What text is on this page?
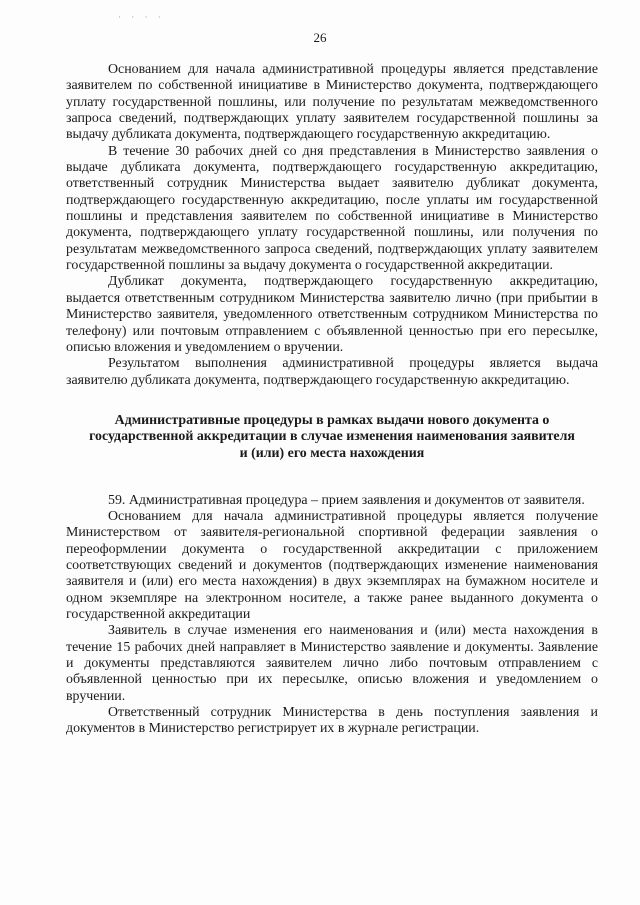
· · · ·
26

Основанием для начала административной процедуры является представление заявителем по собственной инициативе в Министерство документа, подтверждающего уплату государственной пошлины, или получение по результатам межведомственного запроса сведений, подтверждающих уплату заявителем государственной пошлины за выдачу дубликата документа, подтверждающего государственную аккредитацию.

В течение 30 рабочих дней со дня представления в Министерство заявления о выдаче дубликата документа, подтверждающего государственную аккредитацию, ответственный сотрудник Министерства выдает заявителю дубликат документа, подтверждающего государственную аккредитацию, после уплаты им государственной пошлины и представления заявителем по собственной инициативе в Министерство документа, подтверждающего уплату государственной пошлины, или получения по результатам межведомственного запроса сведений, подтверждающих уплату заявителем государственной пошлины за выдачу документа о государственной аккредитации.

Дубликат документа, подтверждающего государственную аккредитацию, выдается ответственным сотрудником Министерства заявителю лично (при прибытии в Министерство заявителя, уведомленного ответственным сотрудником Министерства по телефону) или почтовым отправлением с объявленной ценностью при его пересылке, описью вложения и уведомлением о вручении.

Результатом выполнения административной процедуры является выдача заявителю дубликата документа, подтверждающего государственную аккредитацию.

Административные процедуры в рамках выдачи нового документа о
государственной аккредитации в случае изменения наименования заявителя
и (или) его места нахождения

59. Административная процедура – прием заявления и документов от заявителя.

Основанием для начала административной процедуры является получение Министерством от заявителя-региональной спортивной федерации заявления о переоформлении документа о государственной аккредитации с приложением соответствующих сведений и документов (подтверждающих изменение наименования заявителя и (или) его места нахождения) в двух экземплярах на бумажном носителе и одном экземпляре на электронном носителе, а также ранее выданного документа о государственной аккредитации

Заявитель в случае изменения его наименования и (или) места нахождения в течение 15 рабочих дней направляет в Министерство заявление и документы. Заявление и документы представляются заявителем лично либо почтовым отправлением с объявленной ценностью при их пересылке, описью вложения и уведомлением о вручении.

Ответственный сотрудник Министерства в день поступления заявления и документов в Министерство регистрирует их в журнале регистрации.
